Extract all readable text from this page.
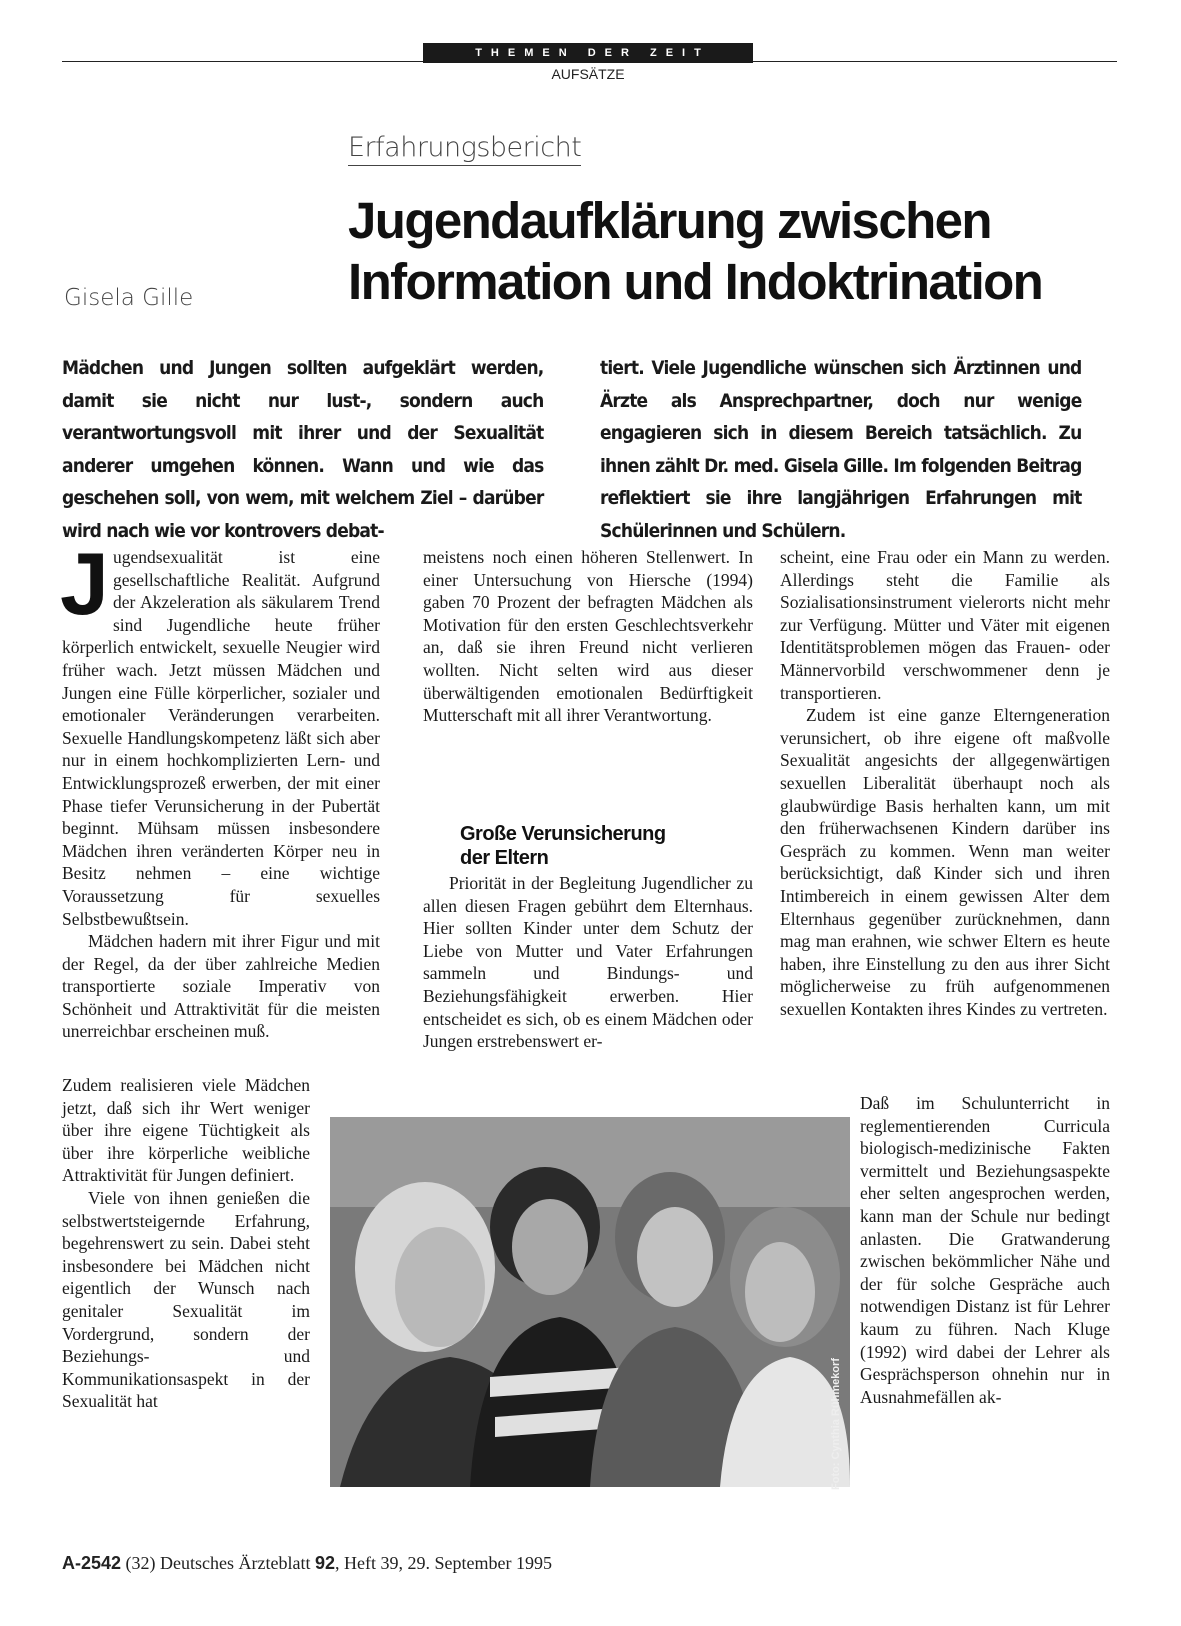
THEMEN DER ZEIT
AUFSÄTZE
Erfahrungsbericht
Jugendaufklärung zwischen
Information und Indoktrination
Gisela Gille

Mädchen und Jungen sollten aufgeklärt werden, damit sie nicht nur lust-, sondern auch verantwortungsvoll mit ihrer und der Sexualität anderer umgehen können. Wann und wie das geschehen soll, von wem, mit welchem Ziel – darüber wird nach wie vor kontrovers debat-

tiert. Viele Jugendliche wünschen sich Ärztinnen und Ärzte als Ansprechpartner, doch nur wenige engagieren sich in diesem Bereich tatsächlich. Zu ihnen zählt Dr. med. Gisela Gille. Im folgenden Beitrag reflektiert sie ihre langjährigen Erfahrungen mit Schülerinnen und Schülern.

Jugendsexualität ist eine gesellschaftliche Realität. Aufgrund der Akzeleration als säkularem Trend sind Jugendliche heute früher körperlich entwickelt, sexuelle Neugier wird früher wach. Jetzt müssen Mädchen und Jungen eine Fülle körperlicher, sozialer und emotionaler Veränderungen verarbeiten. Sexuelle Handlungskompetenz läßt sich aber nur in einem hochkomplizierten Lern- und Entwicklungsprozeß erwerben, der mit einer Phase tiefer Verunsicherung in der Pubertät beginnt. Mühsam müssen insbesondere Mädchen ihren veränderten Körper neu in Besitz nehmen – eine wichtige Voraussetzung für sexuelles Selbstbewußtsein.

Mädchen hadern mit ihrer Figur und mit der Regel, da der über zahlreiche Medien transportierte soziale Imperativ von Schönheit und Attraktivität für die meisten unerreichbar erscheinen muß.

Zudem realisieren viele Mädchen jetzt, daß sich ihr Wert weniger über ihre eigene Tüchtigkeit als über ihre körperliche weibliche Attraktivität für Jungen definiert.

Viele von ihnen genießen die selbstwertsteigernde Erfahrung, begehrenswert zu sein. Dabei steht insbesondere bei Mädchen nicht eigentlich der Wunsch nach genitaler Sexualität im Vordergrund, sondern der Beziehungs- und Kommunikationsaspekt in der Sexualität hat

meistens noch einen höheren Stellenwert. In einer Untersuchung von Hiersche (1994) gaben 70 Prozent der befragten Mädchen als Motivation für den ersten Geschlechtsverkehr an, daß sie ihren Freund nicht verlieren wollten. Nicht selten wird aus dieser überwältigenden emotionalen Bedürftigkeit Mutterschaft mit all ihrer Verantwortung.

Große Verunsicherung
der Eltern

Priorität in der Begleitung Jugendlicher zu allen diesen Fragen gebührt dem Elternhaus. Hier sollten Kinder unter dem Schutz der Liebe von Mutter und Vater Erfahrungen sammeln und Bindungs- und Beziehungsfähigkeit erwerben. Hier entscheidet es sich, ob es einem Mädchen oder Jungen erstrebenswert er-

scheint, eine Frau oder ein Mann zu werden. Allerdings steht die Familie als Sozialisationsinstrument vielerorts nicht mehr zur Verfügung. Mütter und Väter mit eigenen Identitätsproblemen mögen das Frauen- oder Männervorbild verschwommener denn je transportieren.

Zudem ist eine ganze Elterngeneration verunsichert, ob ihre eigene oft maßvolle Sexualität angesichts der allgegenwärtigen sexuellen Liberalität überhaupt noch als glaubwürdige Basis herhalten kann, um mit den früherwachsenen Kindern darüber ins Gespräch zu kommen. Wenn man weiter berücksichtigt, daß Kinder sich und ihren Intimbereich in einem gewissen Alter dem Elternhaus gegenüber zurücknehmen, dann mag man erahnen, wie schwer Eltern es heute haben, ihre Einstellung zu den aus ihrer Sicht möglicherweise zu früh aufgenommenen sexuellen Kontakten ihres Kindes zu vertreten.

Daß im Schulunterricht in reglementierenden Curricula biologisch-medizinische Fakten vermittelt und Beziehungsaspekte eher selten angesprochen werden, kann man der Schule nur bedingt anlasten. Die Gratwanderung zwischen bekömmlicher Nähe und der für solche Gespräche auch notwendigen Distanz ist für Lehrer kaum zu führen. Nach Kluge (1992) wird dabei der Lehrer als Gesprächsperson ohnehin nur in Ausnahmefällen ak-

Foto: Cynthia Rühmekorf
A-2542 (32) Deutsches Ärzteblatt 92, Heft 39, 29. September 1995
